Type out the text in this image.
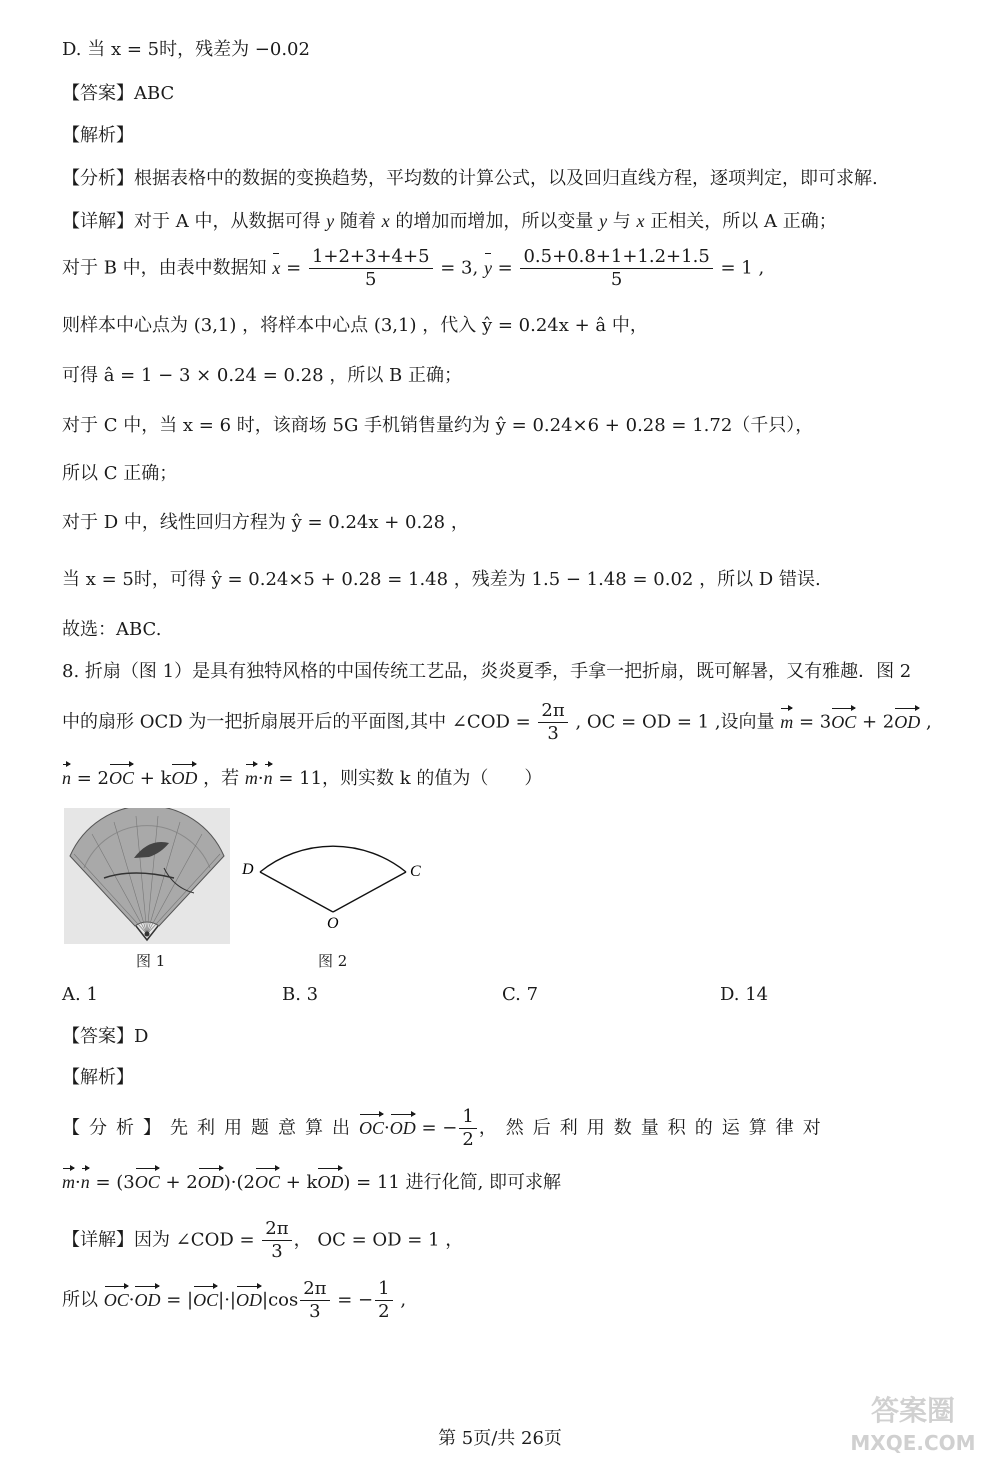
D. 当 x = 5时，残差为 −0.02
【答案】ABC
【解析】
【分析】根据表格中的数据的变换趋势，平均数的计算公式，以及回归直线方程，逐项判定，即可求解.
【详解】对于 A 中，从数据可得 y 随着 x 的增加而增加，所以变量 y 与 x 正相关，所以 A 正确；
对于 B 中，由表中数据知 $x = \frac{1+2+3+4+5}{5} = 3$, $y = \frac{0.5+0.8+1+1.2+1.5}{5} = 1$ ,
则样本中心点为 (3,1) ，将样本中心点 (3,1) ，代入 ŷ = 0.24x + â 中，
可得 â = 1 − 3 × 0.24 = 0.28 ，所以 B 正确；
对于 C 中，当 x = 6 时，该商场 5G 手机销售量约为 ŷ = 0.24×6 + 0.28 = 1.72（千只），
所以 C 正确；
对于 D 中，线性回归方程为 ŷ = 0.24x + 0.28 ，
当 x = 5时，可得 ŷ = 0.24×5 + 0.28 = 1.48 ，残差为 1.5 − 1.48 = 0.02 ，所以 D 错误.
故选：ABC.
8. 折扇（图 1）是具有独特风格的中国传统工艺品，炎炎夏季，手拿一把折扇，既可解暑，又有雅趣．图 2
中的扇形 OCD 为一把折扇展开后的平面图,其中 ∠COD = $\frac{2\pi}{3}$ , OC = OD = 1 ,设向量 m = 3OC + 2OD ,
n = 2OC + kOD ，若 m·n = 11，则实数 k 的值为（　　）
图 1
D	C
O
图 2
A. 1	B. 3	C. 7	D. 14
【答案】D
【解析】
【分析】先利用题意算出OC·OD = − $\frac{1}{2}$ ，然后利用数量积的运算律对
m·n = (3OC + 2OD)·(2OC + kOD) = 11 进行化简, 即可求解
【详解】因为 ∠COD = $\frac{2\pi}{3}$ ， OC = OD = 1 ，
所以 $OC\cdot OD = |OC|\cdot|OD|\cos \frac{2\pi}{3}$ = − $\frac{1}{2}$ ,
第 5页/共 26页
答案圈
MXQE.COM
